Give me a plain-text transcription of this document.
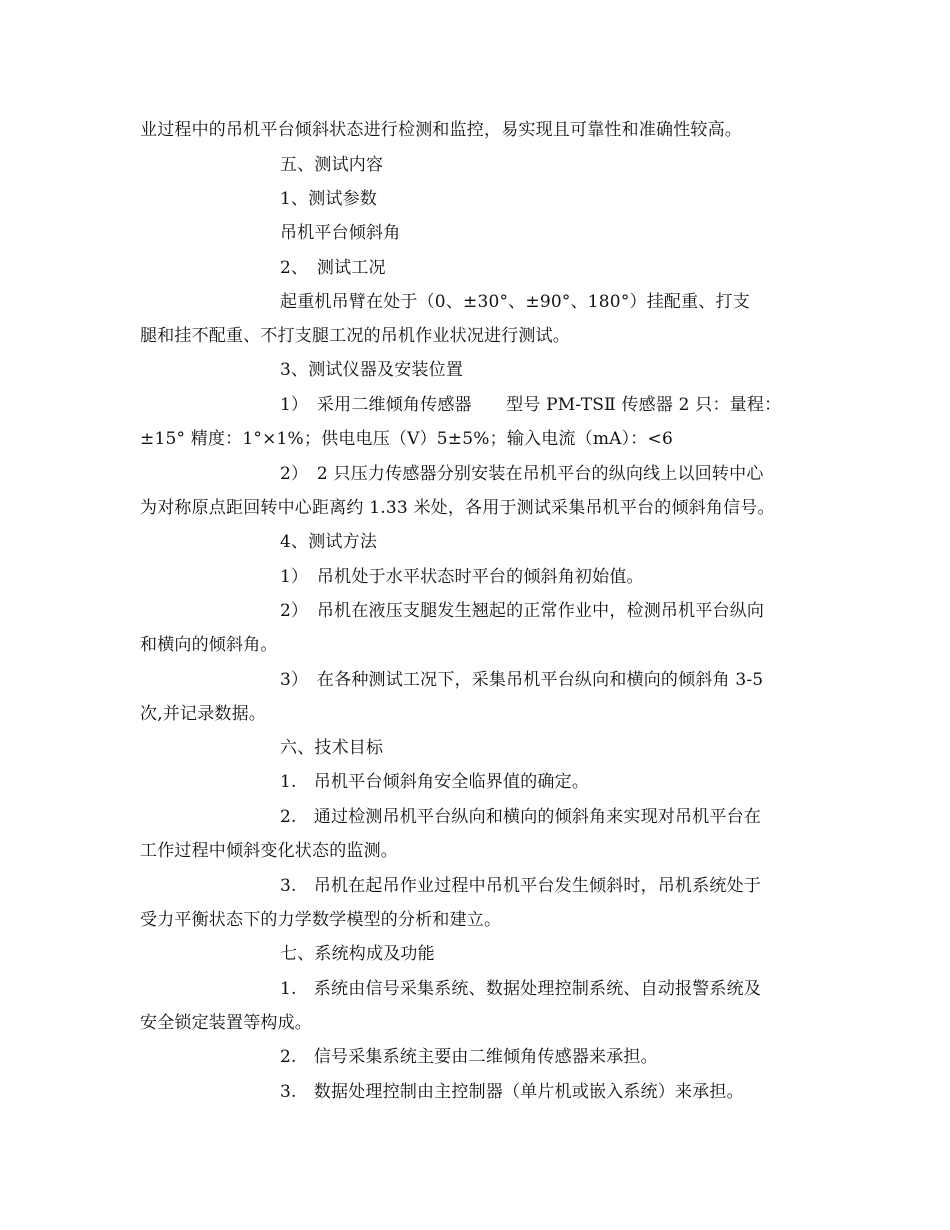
业过程中的吊机平台倾斜状态进行检测和监控，易实现且可靠性和准确性较高。
五、测试内容
1、测试参数
吊机平台倾斜角
2、　测试工况
起重机吊臂在处于（0、±30°、±90°、180°）挂配重、打支
腿和挂不配重、不打支腿工况的吊机作业状况进行测试。
3、测试仪器及安装位置
1）　采用二维倾角传感器　　型号 PM-TSⅡ 传感器 2 只：量程：
±15° 精度：1°×1%；供电电压（V）5±5%；输入电流（mA）：<6
2）　2 只压力传感器分别安装在吊机平台的纵向线上以回转中心
为对称原点距回转中心距离约 1.33 米处，各用于测试采集吊机平台的倾斜角信号。
4、测试方法
1）　吊机处于水平状态时平台的倾斜角初始值。
2）　吊机在液压支腿发生翘起的正常作业中，检测吊机平台纵向
和横向的倾斜角。
3）　在各种测试工况下，采集吊机平台纵向和横向的倾斜角 3-5
次,并记录数据。
六、技术目标
1.　吊机平台倾斜角安全临界值的确定。
2.　通过检测吊机平台纵向和横向的倾斜角来实现对吊机平台在
工作过程中倾斜变化状态的监测。
3.　吊机在起吊作业过程中吊机平台发生倾斜时，吊机系统处于
受力平衡状态下的力学数学模型的分析和建立。
七、系统构成及功能
1.　系统由信号采集系统、数据处理控制系统、自动报警系统及
安全锁定装置等构成。
2.　信号采集系统主要由二维倾角传感器来承担。
3.　数据处理控制由主控制器（单片机或嵌入系统）来承担。
